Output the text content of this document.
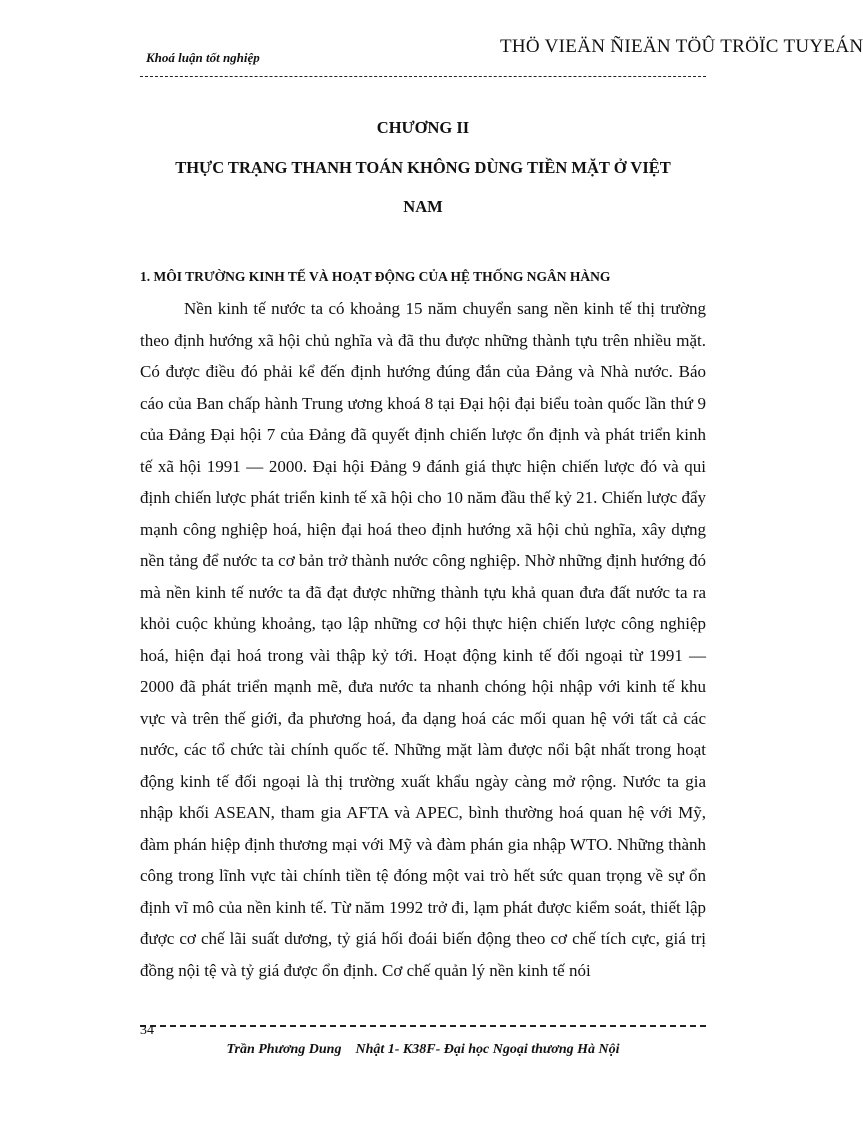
Khoá luận tốt nghiệp
THÖ VIEÄN ÑIEÄN TÖÛ TRÖÏC TUYEÁN
CHƯƠNG II
THỰC TRẠNG THANH TOÁN KHÔNG DÙNG TIỀN MẶT Ở VIỆT
NAM
1. MÔI TRƯỜNG KINH TẾ VÀ HOẠT ĐỘNG CỦA HỆ THỐNG NGÂN HÀNG

Nền kinh tế nước ta có khoảng 15 năm chuyển sang nền kinh tế thị trường theo định hướng xã hội chủ nghĩa và đã thu được những thành tựu trên nhiều mặt. Có được điều đó phải kể đến định hướng đúng đắn của Đảng và Nhà nước. Báo cáo của Ban chấp hành Trung ương khoá 8 tại Đại hội đại biểu toàn quốc lần thứ 9 của Đảng Đại hội 7 của Đảng đã quyết định chiến lược ổn định và phát triển kinh tế xã hội 1991 — 2000. Đại hội Đảng 9 đánh giá thực hiện chiến lược đó và qui định chiến lược phát triển kinh tế xã hội cho 10 năm đầu thế kỷ 21. Chiến lược đẩy mạnh công nghiệp hoá, hiện đại hoá theo định hướng xã hội chủ nghĩa, xây dựng nền tảng để nước ta cơ bản trở thành nước công nghiệp. Nhờ những định hướng đó mà nền kinh tế nước ta đã đạt được những thành tựu khả quan đưa đất nước ta ra khỏi cuộc khủng khoảng, tạo lập những cơ hội thực hiện chiến lược công nghiệp hoá, hiện đại hoá trong vài thập kỷ tới. Hoạt động kinh tế đối ngoại từ 1991 — 2000 đã phát triển mạnh mẽ, đưa nước ta nhanh chóng hội nhập với kinh tế khu vực và trên thế giới, đa phương hoá, đa dạng hoá các mối quan hệ với tất cả các nước, các tổ chức tài chính quốc tế. Những mặt làm được nổi bật nhất trong hoạt động kinh tế đối ngoại là thị trường xuất khẩu ngày càng mở rộng. Nước ta gia nhập khối ASEAN, tham gia AFTA và APEC, bình thường hoá quan hệ với Mỹ, đàm phán hiệp định thương mại với Mỹ và đàm phán gia nhập WTO. Những thành công trong lĩnh vực tài chính tiền tệ đóng một vai trò hết sức quan trọng về sự ổn định vĩ mô của nền kinh tế. Từ năm 1992 trở đi, lạm phát được kiểm soát, thiết lập được cơ chế lãi suất dương, tỷ giá hối đoái biến động theo cơ chế tích cực, giá trị đồng nội tệ và tỷ giá được ổn định. Cơ chế quản lý nền kinh tế nói

34
Trần Phương Dung    Nhật 1- K38F- Đại học Ngoại thương Hà Nội
